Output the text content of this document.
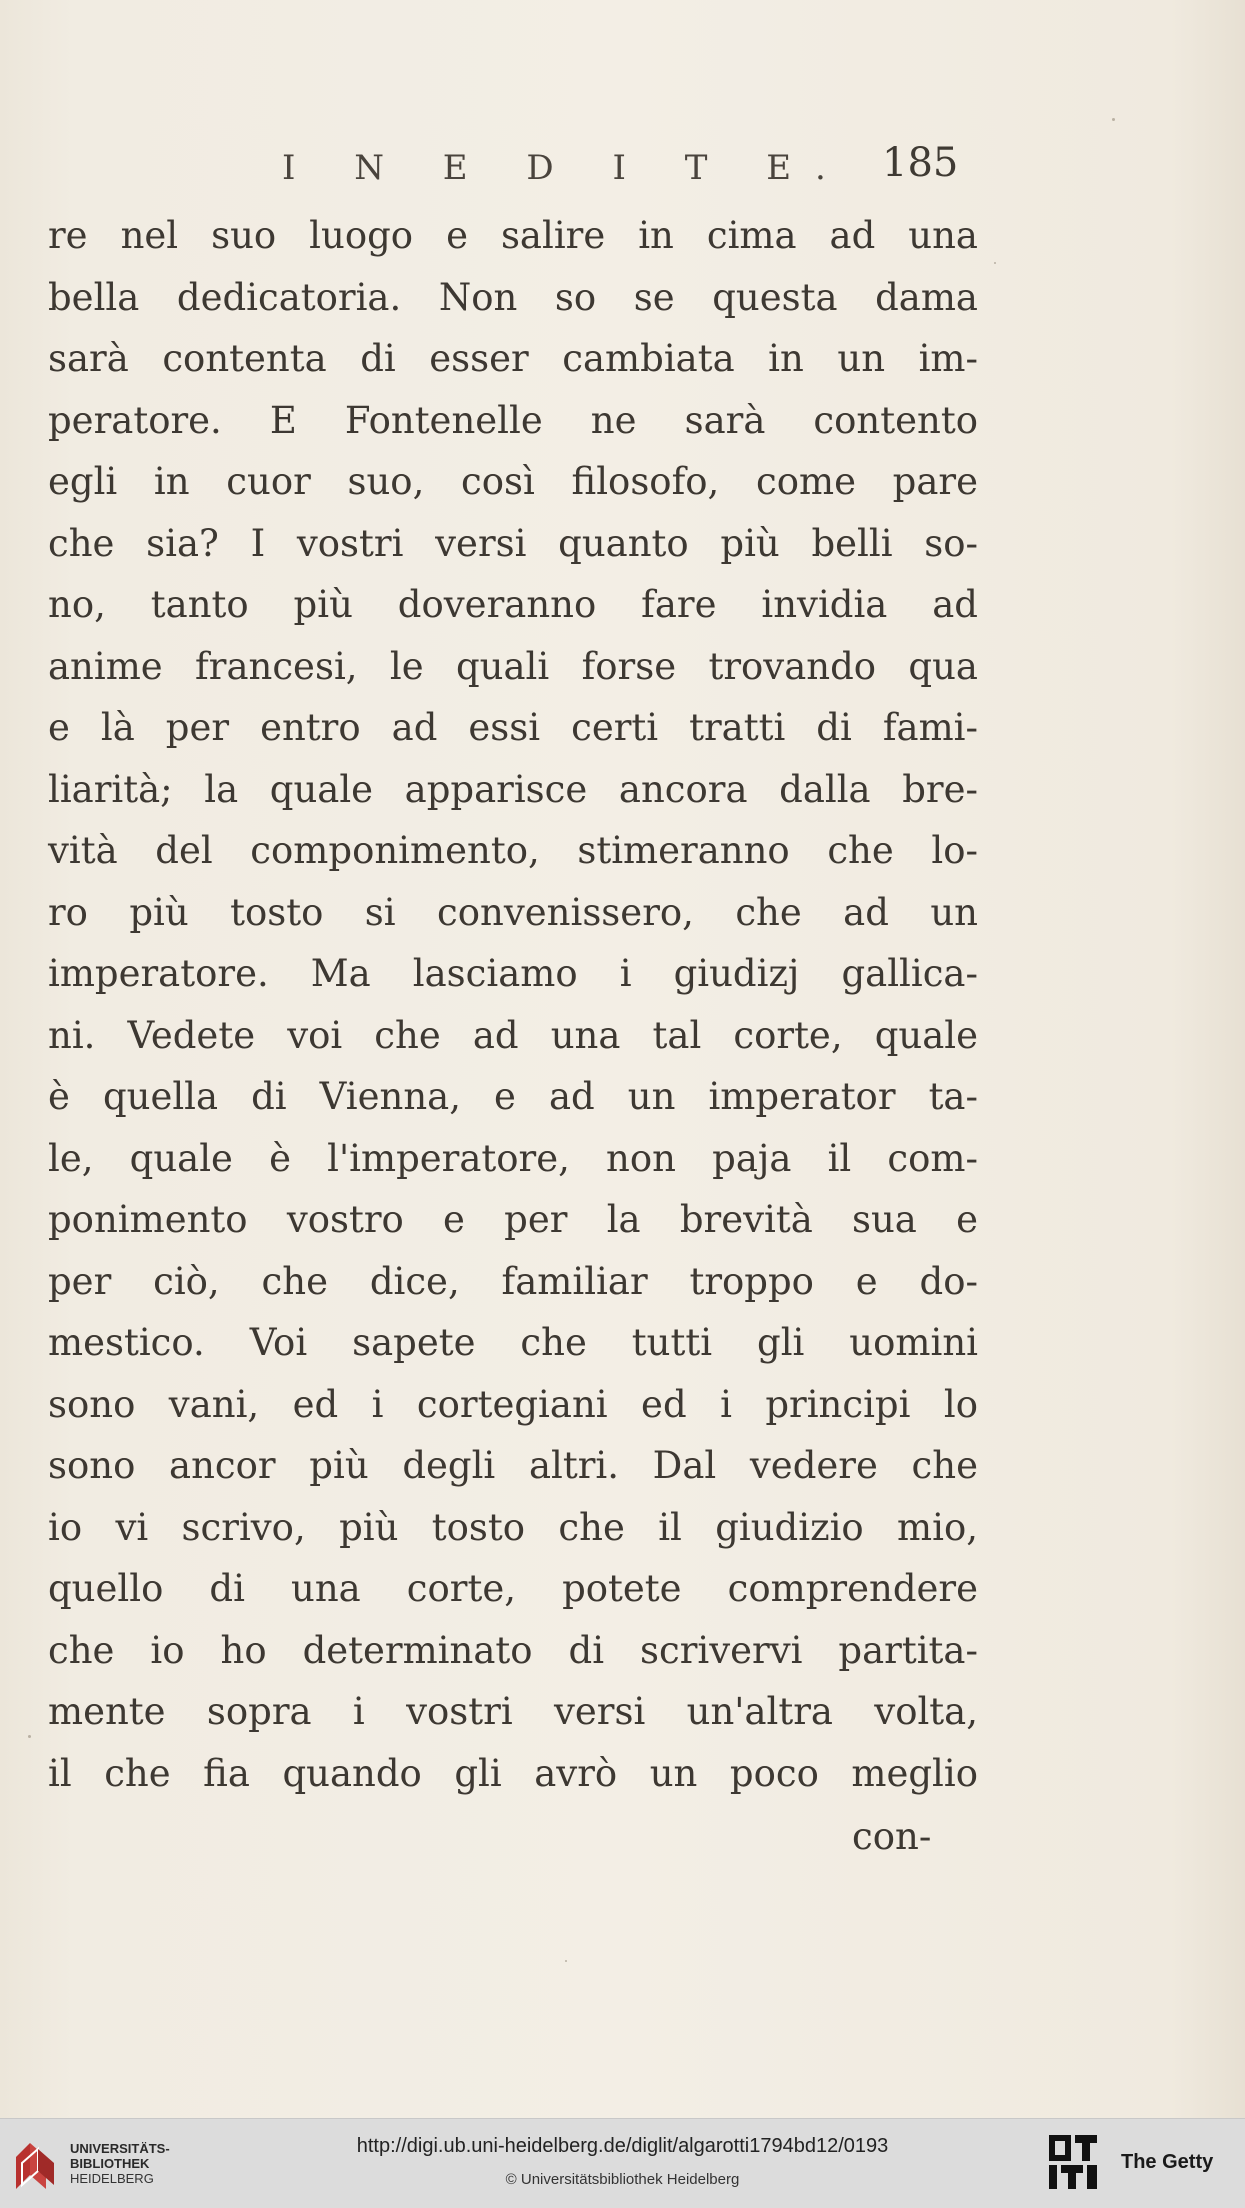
I N E D I T E. 185
re nel suo luogo e salire in cima ad una
bella dedicatoria. Non so se questa dama
sarà contenta di esser cambiata in un im-
peratore. E Fontenelle ne sarà contento
egli in cuor suo, così filosofo, come pare
che sia? I vostri versi quanto più belli so-
no, tanto più doveranno fare invidia ad
anime francesi, le quali forse trovando qua
e là per entro ad essi certi tratti di fami-
liarità; la quale apparisce ancora dalla bre-
vità del componimento, stimeranno che lo-
ro più tosto si convenissero, che ad un
imperatore. Ma lasciamo i giudizj gallica-
ni. Vedete voi che ad una tal corte, quale
è quella di Vienna, e ad un imperator ta-
le, quale è l'imperatore, non paja il com-
ponimento vostro e per la brevità sua e
per ciò, che dice, familiar troppo e do-
mestico. Voi sapete che tutti gli uomini
sono vani, ed i cortegiani ed i principi lo
sono ancor più degli altri. Dal vedere che
io vi scrivo, più tosto che il giudizio mio,
quello di una corte, potete comprendere
che io ho determinato di scrivervi partita-
mente sopra i vostri versi un'altra volta,
il che fia quando gli avrò un poco meglio
con-
UNIVERSITÄTS-
BIBLIOTHEK
HEIDELBERG
http://digi.ub.uni-heidelberg.de/diglit/algarotti1794bd12/0193
© Universitätsbibliothek Heidelberg
The Getty
